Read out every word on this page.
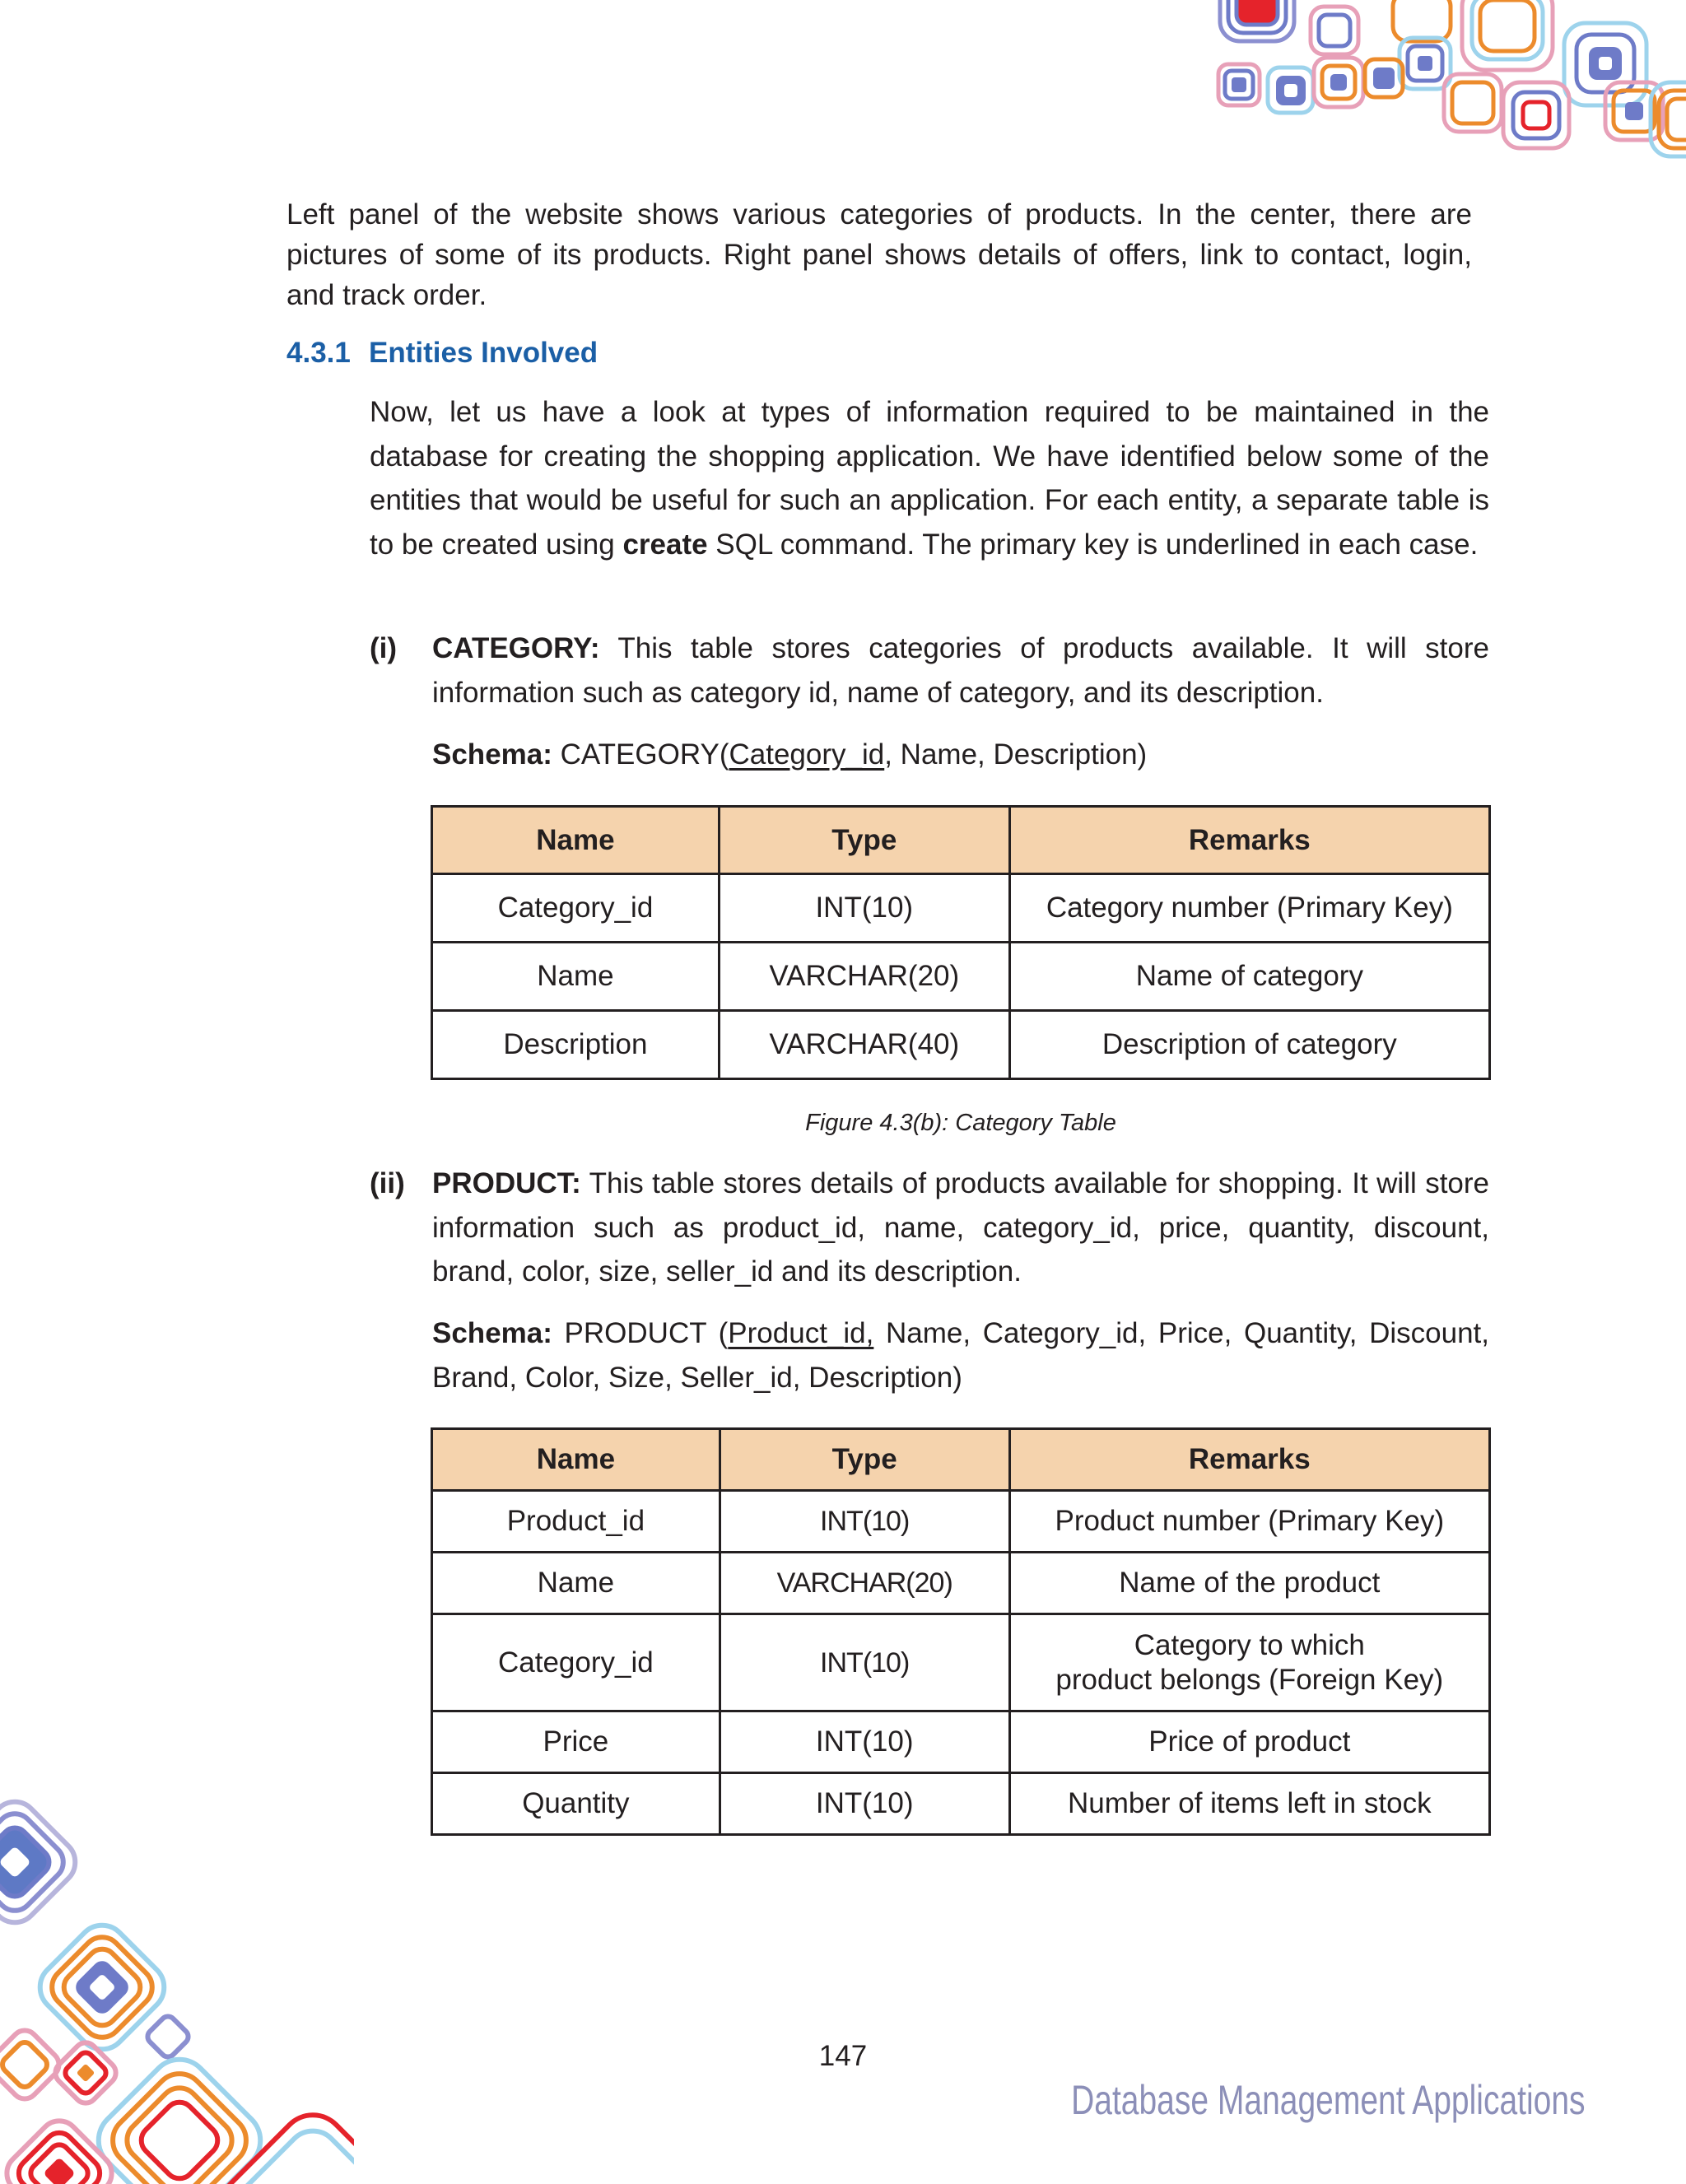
Left panel of the website shows various categories of products. In the center, there are pictures of some of its products. Right panel shows details of offers, link to contact, login, and track order.
4.3.1 Entities Involved
Now, let us have a look at types of information required to be maintained in the database for creating the shopping application. We have identified below some of the entities that would be useful for such an application. For each entity, a separate table is to be created using create SQL command. The primary key is underlined in each case.
(i) CATEGORY: This table stores categories of products available. It will store information such as category id, name of category, and its description.
Schema: CATEGORY(Category_id, Name, Description)
Name	Type	Remarks
Category_id	INT(10)	Category number (Primary Key)
Name	VARCHAR(20)	Name of category
Description	VARCHAR(40)	Description of category
Figure 4.3(b): Category Table
(ii) PRODUCT: This table stores details of products available for shopping. It will store information such as product_id, name, category_id, price, quantity, discount, brand, color, size, seller_id and its description.
Schema: PRODUCT (Product_id, Name, Category_id, Price, Quantity, Discount, Brand, Color, Size, Seller_id, Description)
Name	Type	Remarks
Product_id	INT(10)	Product number (Primary Key)
Name	VARCHAR(20)	Name of the product
Category_id	INT(10)	Category to which
product belongs (Foreign Key)
Price	INT(10)	Price of product
Quantity	INT(10)	Number of items left in stock
147
Database Management Applications
